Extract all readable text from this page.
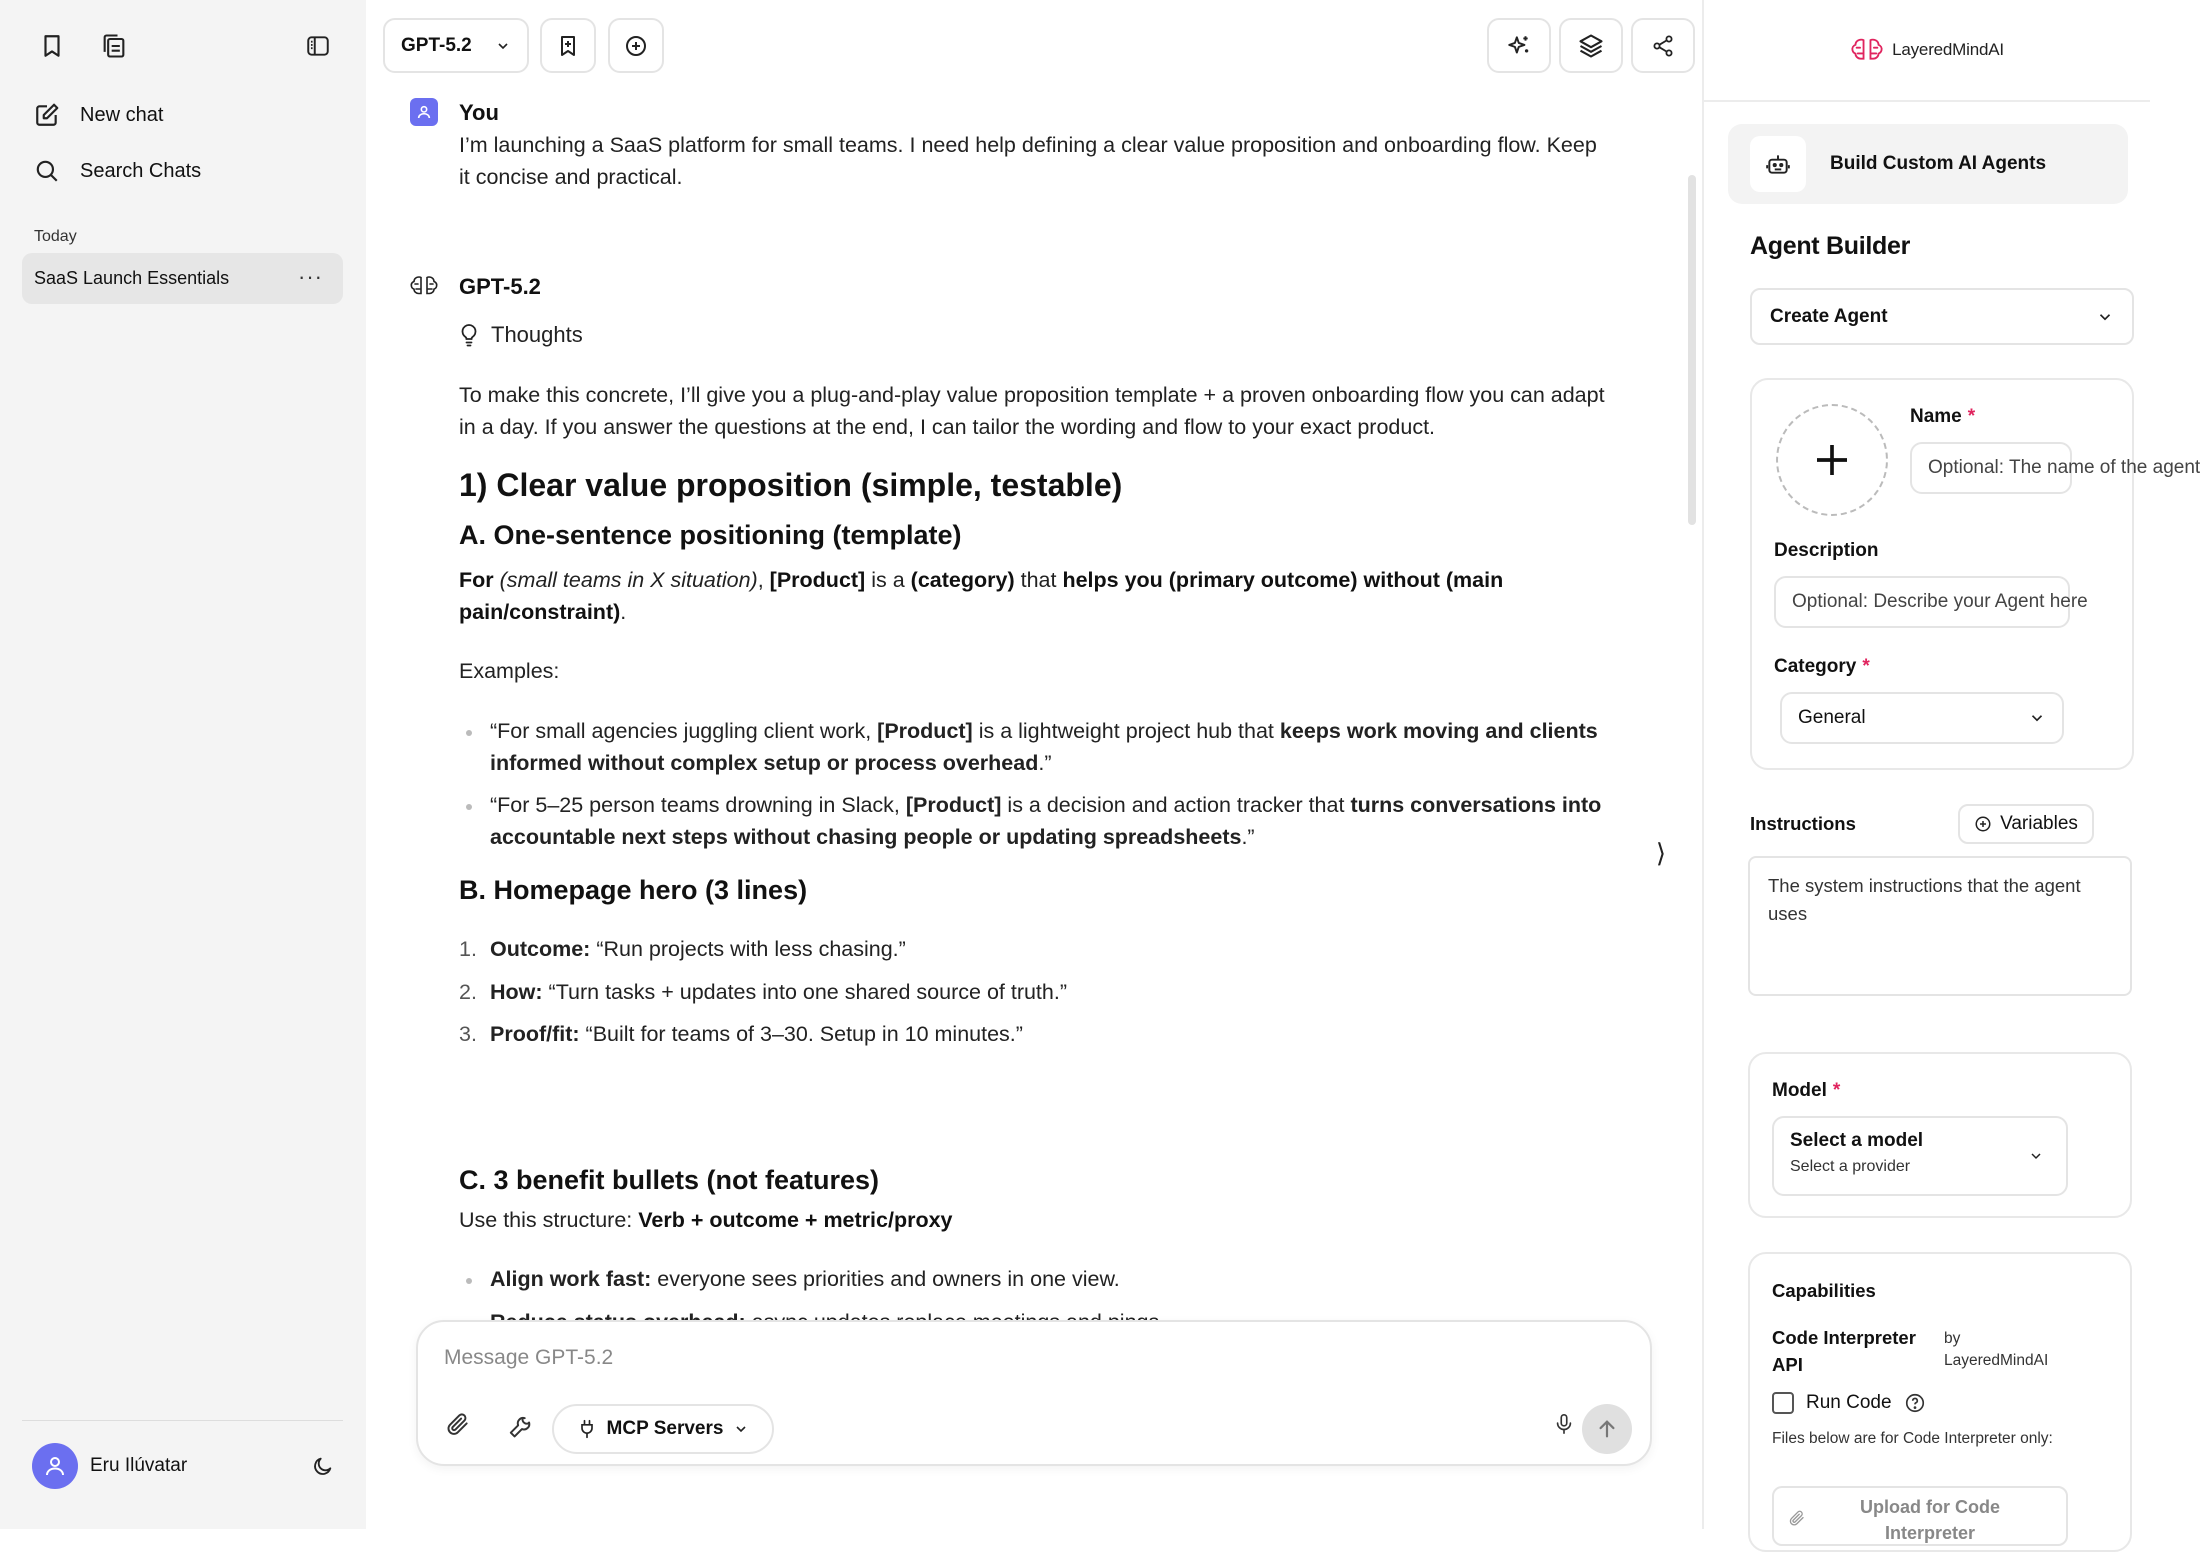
New chat
Search Chats
Today
SaaS Launch Essentials	···
Eru Ilúvatar
GPT-5.2
You
I’m launching a SaaS platform for small teams. I need help defining a clear value proposition and onboarding flow. Keep it concise and practical.
GPT-5.2
Thoughts
To make this concrete, I’ll give you a plug-and-play value proposition template + a proven onboarding flow you can adapt in a day. If you answer the questions at the end, I can tailor the wording and flow to your exact product.
1) Clear value proposition (simple, testable)
A. One-sentence positioning (template)
For (small teams in X situation), [Product] is a (category) that helps you (primary outcome) without (main pain/constraint).
Examples:
“For small agencies juggling client work, [Product] is a lightweight project hub that keeps work moving and clients informed without complex setup or process overhead.”
“For 5–25 person teams drowning in Slack, [Product] is a decision and action tracker that turns conversations into accountable next steps without chasing people or updating spreadsheets.”
B. Homepage hero (3 lines)
1. Outcome: “Run projects with less chasing.”
2. How: “Turn tasks + updates into one shared source of truth.”
3. Proof/fit: “Built for teams of 3–30. Setup in 10 minutes.”
C. 3 benefit bullets (not features)
Use this structure: Verb + outcome + metric/proxy
Align work fast: everyone sees priorities and owners in one view.
⟩
Message GPT-5.2
MCP Servers
LayeredMindAI
Build Custom AI Agents
Agent Builder
Create Agent
Name *
Optional: The name of the agent
Description
Optional: Describe your Agent here
Category *
General
Instructions	Variables
The system instructions that the agent uses
Model *
Select a model
Select a provider
Capabilities
Code Interpreter API
by
LayeredMindAI
Run Code
Files below are for Code Interpreter only:
Upload for Code Interpreter
